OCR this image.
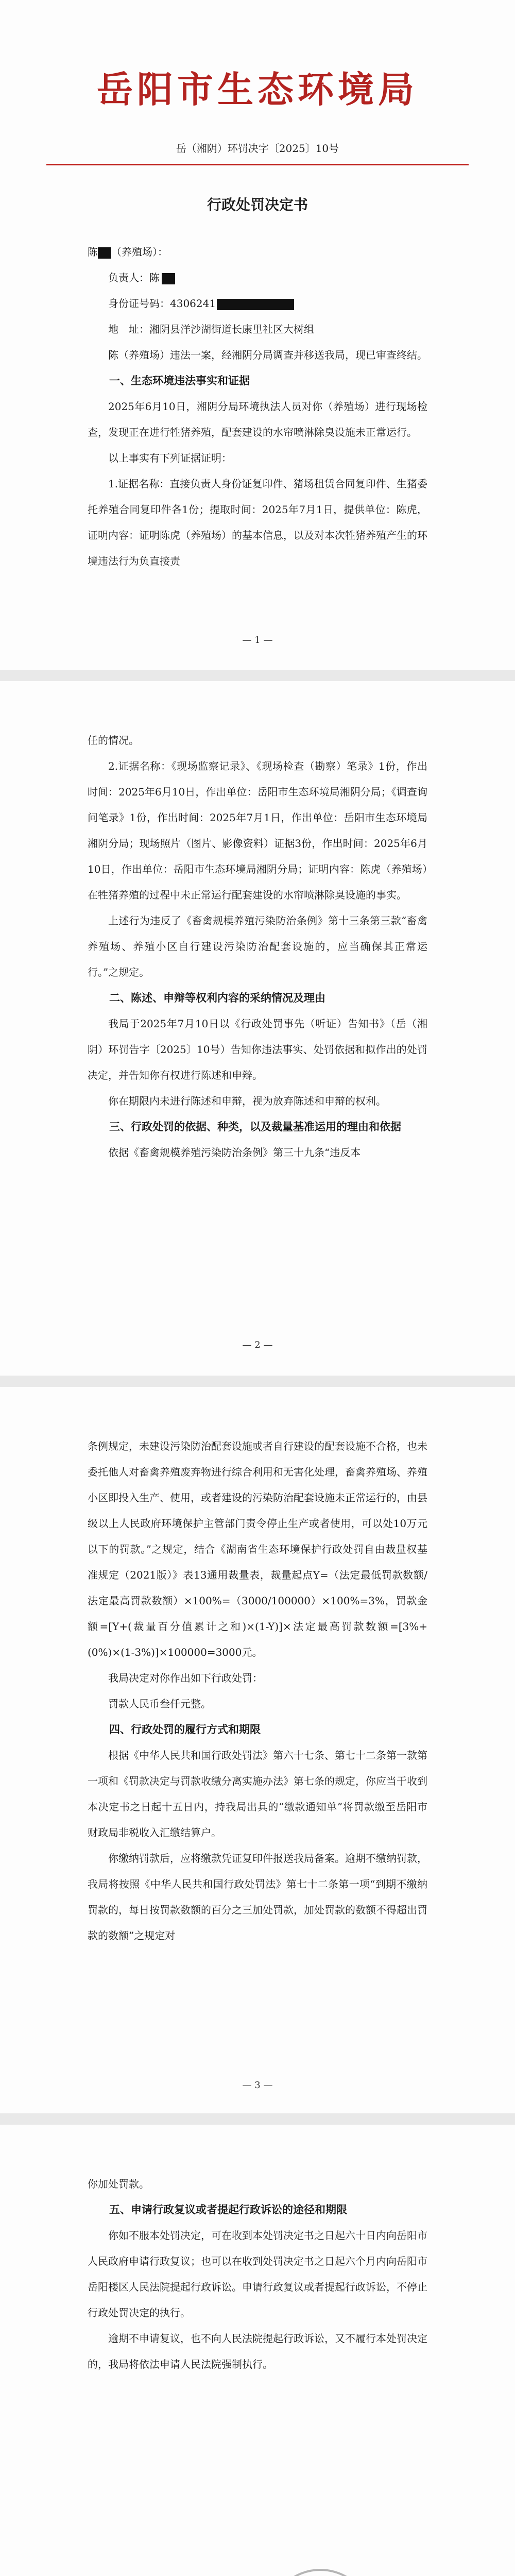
岳阳市生态环境局
岳（湘阴）环罚决字〔2025〕10号
行政处罚决定书

陈 （养殖场）：

负责人：陈

身份证号码：4306241

地　址：湘阴县洋沙湖街道长康里社区大树组

陈（养殖场）违法一案，经湘阴分局调查并移送我局，现已审查终结。

一、生态环境违法事实和证据

2025年6月10日，湘阴分局环境执法人员对你（养殖场）进行现场检查，发现正在进行牲猪养殖，配套建设的水帘喷淋除臭设施未正常运行。

以上事实有下列证据证明：

1.证据名称：直接负责人身份证复印件、猪场租赁合同复印件、生猪委托养殖合同复印件各1份；提取时间：2025年7月1日，提供单位：陈虎，证明内容：证明陈虎（养殖场）的基本信息，以及对本次牲猪养殖产生的环境违法行为负直接责

— 1 —

任的情况。

2.证据名称：《现场监察记录》、《现场检查（勘察）笔录》1份，作出时间：2025年6月10日，作出单位：岳阳市生态环境局湘阴分局；《调查询问笔录》1份，作出时间：2025年7月1日，作出单位：岳阳市生态环境局湘阴分局；现场照片（图片、影像资料）证据3份，作出时间：2025年6月10日，作出单位：岳阳市生态环境局湘阴分局；证明内容：陈虎（养殖场）在牲猪养殖的过程中未正常运行配套建设的水帘喷淋除臭设施的事实。

上述行为违反了《畜禽规模养殖污染防治条例》第十三条第三款“畜禽养殖场、养殖小区自行建设污染防治配套设施的，应当确保其正常运行。”之规定。

二、陈述、申辩等权利内容的采纳情况及理由

我局于2025年7月10日以《行政处罚事先（听证）告知书》（岳（湘阴）环罚告字〔2025〕10号）告知你违法事实、处罚依据和拟作出的处罚决定，并告知你有权进行陈述和申辩。

你在期限内未进行陈述和申辩，视为放弃陈述和申辩的权利。

三、行政处罚的依据、种类，以及裁量基准运用的理由和依据

依据《畜禽规模养殖污染防治条例》第三十九条“违反本

— 2 —

条例规定，未建设污染防治配套设施或者自行建设的配套设施不合格，也未委托他人对畜禽养殖废弃物进行综合利用和无害化处理，畜禽养殖场、养殖小区即投入生产、使用，或者建设的污染防治配套设施未正常运行的，由县级以上人民政府环境保护主管部门责令停止生产或者使用，可以处10万元以下的罚款。”之规定，结合《湖南省生态环境保护行政处罚自由裁量权基准规定（2021版）》表13通用裁量表，裁量起点Y=（法定最低罚款数额/法定最高罚款数额）×100%=（3000/100000）×100%=3%，罚款金额=[Y+(裁量百分值累计之和)×(1-Y)]×法定最高罚款数额=[3%+(0%)×(1-3%)]×100000=3000元。

我局决定对你作出如下行政处罚：

罚款人民币叁仟元整。

四、行政处罚的履行方式和期限

根据《中华人民共和国行政处罚法》第六十七条、第七十二条第一款第一项和《罚款决定与罚款收缴分离实施办法》第七条的规定，你应当于收到本决定书之日起十五日内，持我局出具的“缴款通知单”将罚款缴至岳阳市财政局非税收入汇缴结算户。

你缴纳罚款后，应将缴款凭证复印件报送我局备案。逾期不缴纳罚款，我局将按照《中华人民共和国行政处罚法》第七十二条第一项“到期不缴纳罚款的，每日按罚款数额的百分之三加处罚款，加处罚款的数额不得超出罚款的数额”之规定对

— 3 —

你加处罚款。

五、申请行政复议或者提起行政诉讼的途径和期限

你如不服本处罚决定，可在收到本处罚决定书之日起六十日内向岳阳市人民政府申请行政复议；也可以在收到处罚决定书之日起六个月内向岳阳市岳阳楼区人民法院提起行政诉讼。申请行政复议或者提起行政诉讼，不停止行政处罚决定的执行。

逾期不申请复议，也不向人民法院提起行政诉讼，又不履行本处罚决定的，我局将依法申请人民法院强制执行。
